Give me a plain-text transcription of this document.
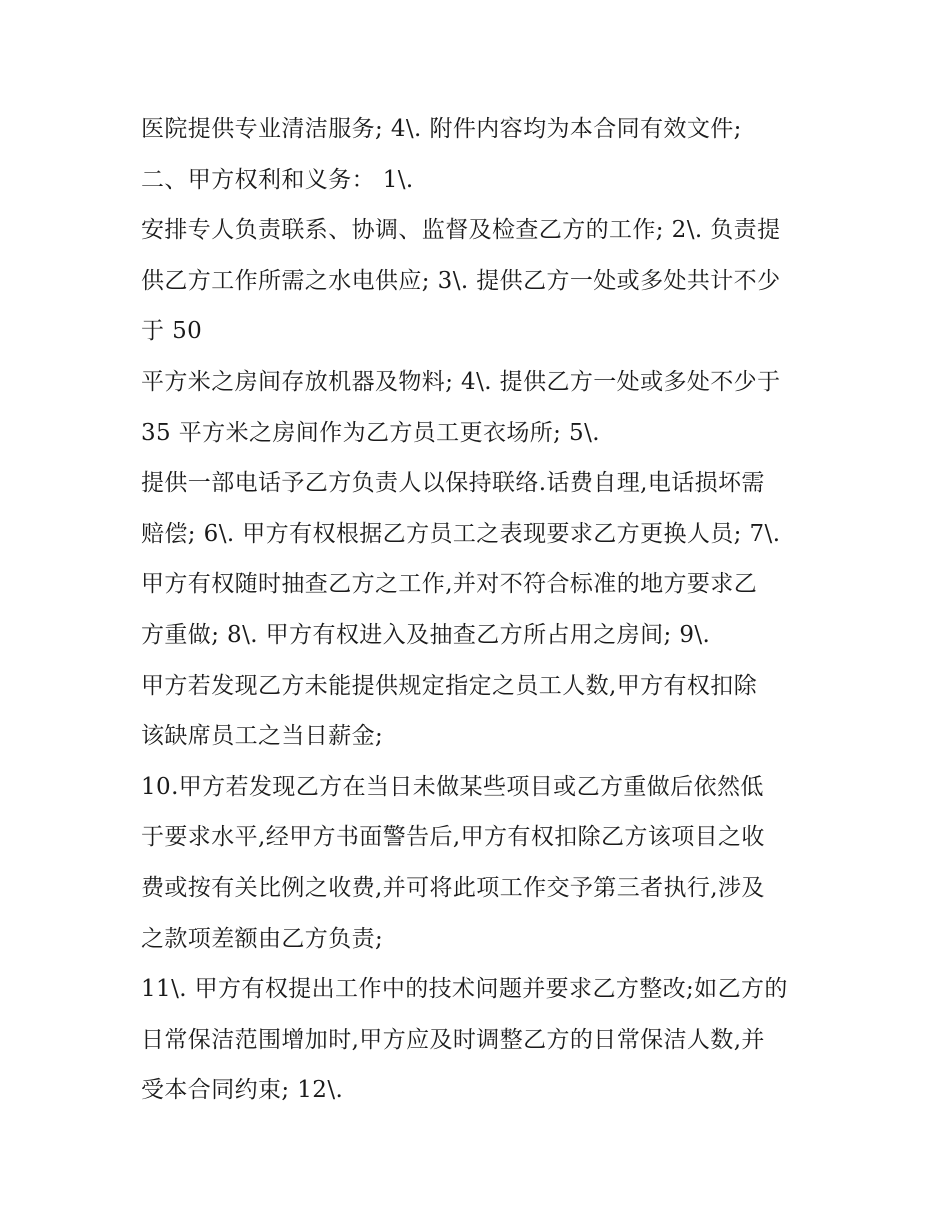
医院提供专业清洁服务; 4\. 附件内容均为本合同有效文件;
二、甲方权利和义务： 1\.
安排专人负责联系、协调、监督及检查乙方的工作; 2\. 负责提
供乙方工作所需之水电供应; 3\. 提供乙方一处或多处共计不少
于 50
平方米之房间存放机器及物料; 4\. 提供乙方一处或多处不少于
35 平方米之房间作为乙方员工更衣场所; 5\.
提供一部电话予乙方负责人以保持联络.话费自理,电话损坏需
赔偿; 6\. 甲方有权根据乙方员工之表现要求乙方更换人员; 7\.
甲方有权随时抽查乙方之工作,并对不符合标准的地方要求乙
方重做; 8\. 甲方有权进入及抽查乙方所占用之房间; 9\.
甲方若发现乙方未能提供规定指定之员工人数,甲方有权扣除
该缺席员工之当日薪金;
10.甲方若发现乙方在当日未做某些项目或乙方重做后依然低
于要求水平,经甲方书面警告后,甲方有权扣除乙方该项目之收
费或按有关比例之收费,并可将此项工作交予第三者执行,涉及
之款项差额由乙方负责;
11\. 甲方有权提出工作中的技术问题并要求乙方整改;如乙方的
日常保洁范围增加时,甲方应及时调整乙方的日常保洁人数,并
受本合同约束; 12\.
